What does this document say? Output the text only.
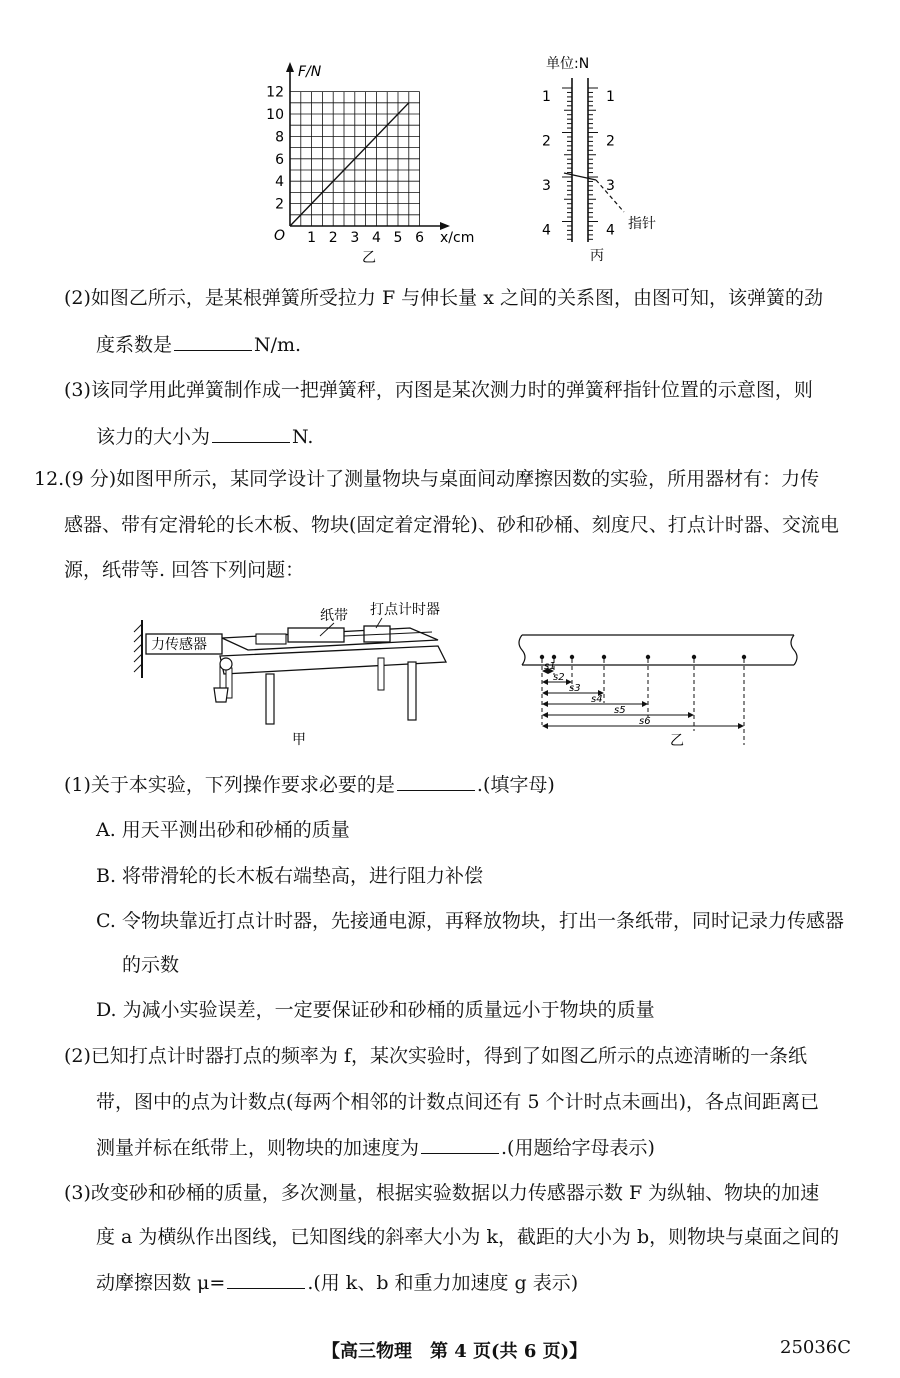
F/N
x/cm
O
12
10
8
6
4
2
1 2 3 4 5 6
乙
单位:N
1
2
3
4
1
2
3
4 指针
丙
(2)如图乙所示，是某根弹簧所受拉力 F 与伸长量 x 之间的关系图，由图可知，该弹簧的劲
度系数是	N/m.
(3)该同学用此弹簧制作成一把弹簧秤，丙图是某次测力时的弹簧秤指针位置的示意图，则
该力的大小为	N.
12.(9 分)如图甲所示，某同学设计了测量物块与桌面间动摩擦因数的实验，所用器材有：力传
感器、带有定滑轮的长木板、物块(固定着定滑轮)、砂和砂桶、刻度尺、打点计时器、交流电
源，纸带等. 回答下列问题：
力传感器
纸带 打点计时器
甲
s1
s2
s3
s4
s5
s6
乙
(1)关于本实验，下列操作要求必要的是	.(填字母)
A. 用天平测出砂和砂桶的质量
B. 将带滑轮的长木板右端垫高，进行阻力补偿
C. 令物块靠近打点计时器，先接通电源，再释放物块，打出一条纸带，同时记录力传感器
的示数
D. 为减小实验误差，一定要保证砂和砂桶的质量远小于物块的质量
(2)已知打点计时器打点的频率为 f，某次实验时，得到了如图乙所示的点迹清晰的一条纸
带，图中的点为计数点(每两个相邻的计数点间还有 5 个计时点未画出)，各点间距离已
测量并标在纸带上，则物块的加速度为	.(用题给字母表示)
(3)改变砂和砂桶的质量，多次测量，根据实验数据以力传感器示数 F 为纵轴、物块的加速
度 a 为横纵作出图线，已知图线的斜率大小为 k，截距的大小为 b，则物块与桌面之间的
动摩擦因数 μ=	.(用 k、b 和重力加速度 g 表示)
【高三物理　第 4 页(共 6 页)】	25036C
